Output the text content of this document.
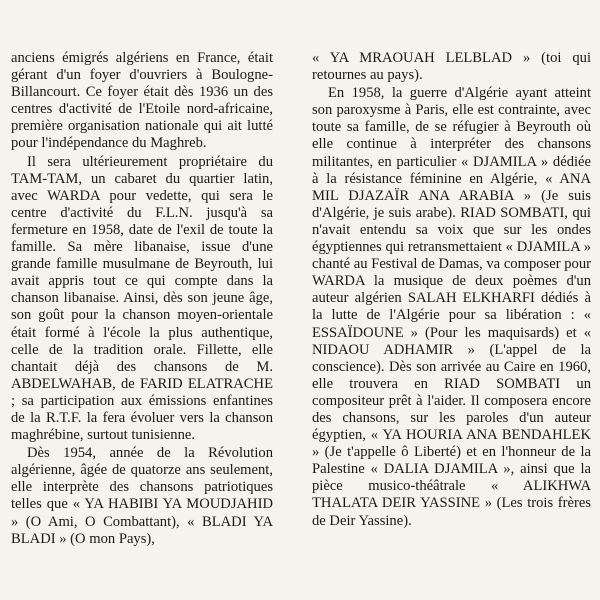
anciens émigrés algériens en France, était gérant d'un foyer d'ouvriers à Boulogne-Billancourt. Ce foyer était dès 1936 un des centres d'activité de l'Etoile nord-africaine, première organisation nationale qui ait lutté pour l'indépendance du Maghreb.

Il sera ultérieurement propriétaire du TAM-TAM, un cabaret du quartier latin, avec WARDA pour vedette, qui sera le centre d'activité du F.L.N. jusqu'à sa fermeture en 1958, date de l'exil de toute la famille. Sa mère libanaise, issue d'une grande famille musulmane de Beyrouth, lui avait appris tout ce qui compte dans la chanson libanaise. Ainsi, dès son jeune âge, son goût pour la chanson moyen-orientale était formé à l'école la plus authentique, celle de la tradition orale. Fillette, elle chantait déjà des chansons de M. ABDELWAHAB, de FARID ELATRACHE ; sa participation aux émissions enfantines de la R.T.F. la fera évoluer vers la chanson maghrébine, surtout tunisienne.

Dès 1954, année de la Révolution algérienne, âgée de quatorze ans seulement, elle interprète des chansons patriotiques telles que « YA HABIBI YA MOUDJAHID » (O Ami, O Combattant), « BLADI YA BLADI » (O mon Pays),

« YA MRAOUAH LELBLAD » (toi qui retournes au pays).

En 1958, la guerre d'Algérie ayant atteint son paroxysme à Paris, elle est contrainte, avec toute sa famille, de se réfugier à Beyrouth où elle continue à interpréter des chansons militantes, en particulier « DJAMILA » dédiée à la résistance féminine en Algérie, « ANA MIL DJAZAÏR ANA ARABIA » (Je suis d'Algérie, je suis arabe). RIAD SOMBATI, qui n'avait entendu sa voix que sur les ondes égyptiennes qui retransmettaient « DJAMILA » chanté au Festival de Damas, va composer pour WARDA la musique de deux poèmes d'un auteur algérien SALAH ELKHARFI dédiés à la lutte de l'Algérie pour sa libération : « ESSAÏDOUNE » (Pour les maquisards) et « NIDAOU ADHAMIR » (L'appel de la conscience). Dès son arrivée au Caire en 1960, elle trouvera en RIAD SOMBATI un compositeur prêt à l'aider. Il composera encore des chansons, sur les paroles d'un auteur égyptien, « YA HOURIA ANA BENDAHLEK » (Je t'appelle ô Liberté) et en l'honneur de la Palestine « DALIA DJAMILA », ainsi que la pièce musico-théâtrale « ALIKHWA THALATA DEIR YASSINE » (Les trois frères de Deir Yassine).
